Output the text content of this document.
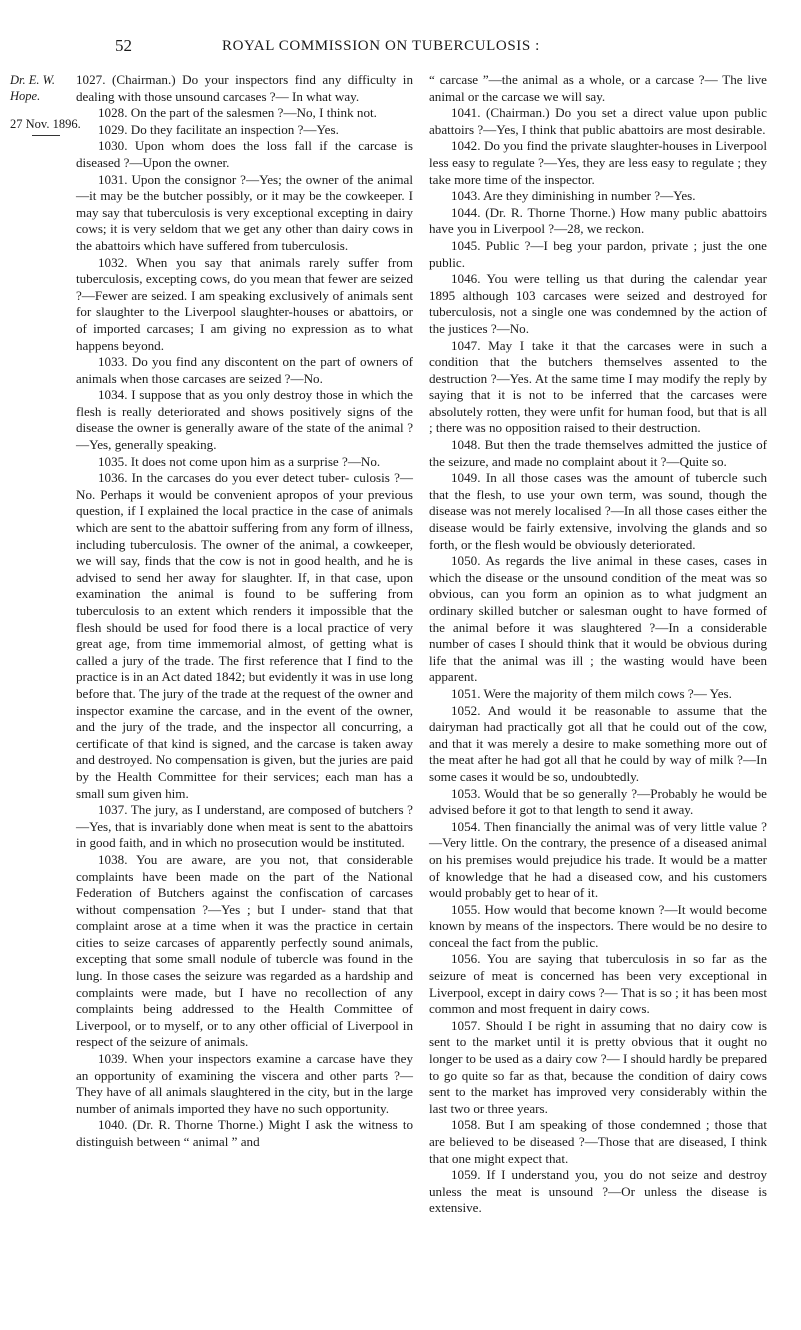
52	ROYAL COMMISSION ON TUBERCULOSIS :
Dr. E. W. Hope.
27 Nov. 1896.

1027. (Chairman.) Do your inspectors find any difficulty in dealing with those unsound carcases ?— In what way.

1028. On the part of the salesmen ?—No, I think not.

1029. Do they facilitate an inspection ?—Yes.

1030. Upon whom does the loss fall if the carcase is diseased ?—Upon the owner.

1031. Upon the consignor ?—Yes; the owner of the animal—it may be the butcher possibly, or it may be the cowkeeper. I may say that tuberculosis is very exceptional excepting in dairy cows; it is very seldom that we get any other than dairy cows in the abattoirs which have suffered from tuberculosis.

1032. When you say that animals rarely suffer from tuberculosis, excepting cows, do you mean that fewer are seized ?—Fewer are seized. I am speaking exclusively of animals sent for slaughter to the Liverpool slaughter-houses or abattoirs, or of imported carcases; I am giving no expression as to what happens beyond.

1033. Do you find any discontent on the part of owners of animals when those carcases are seized ?—No.

1034. I suppose that as you only destroy those in which the flesh is really deteriorated and shows positively signs of the disease the owner is generally aware of the state of the animal ?—Yes, generally speaking.

1035. It does not come upon him as a surprise ?—No.

1036. In the carcases do you ever detect tuber- culosis ?—No. Perhaps it would be convenient apropos of your previous question, if I explained the local practice in the case of animals which are sent to the abattoir suffering from any form of illness, including tuberculosis. The owner of the animal, a cowkeeper, we will say, finds that the cow is not in good health, and he is advised to send her away for slaughter. If, in that case, upon examination the animal is found to be suffering from tuberculosis to an extent which renders it impossible that the flesh should be used for food there is a local practice of very great age, from time immemorial almost, of getting what is called a jury of the trade. The first reference that I find to the practice is in an Act dated 1842; but evidently it was in use long before that. The jury of the trade at the request of the owner and inspector examine the carcase, and in the event of the owner, and the jury of the trade, and the inspector all concurring, a certificate of that kind is signed, and the carcase is taken away and destroyed. No compensation is given, but the juries are paid by the Health Committee for their services; each man has a small sum given him.

1037. The jury, as I understand, are composed of butchers ?—Yes, that is invariably done when meat is sent to the abattoirs in good faith, and in which no prosecution would be instituted.

1038. You are aware, are you not, that considerable complaints have been made on the part of the National Federation of Butchers against the confiscation of carcases without compensation ?—Yes ; but I under- stand that that complaint arose at a time when it was the practice in certain cities to seize carcases of apparently perfectly sound animals, excepting that some small nodule of tubercle was found in the lung. In those cases the seizure was regarded as a hardship and complaints were made, but I have no recollection of any complaints being addressed to the Health Committee of Liverpool, or to myself, or to any other official of Liverpool in respect of the seizure of animals.

1039. When your inspectors examine a carcase have they an opportunity of examining the viscera and other parts ?—They have of all animals slaughtered in the city, but in the large number of animals imported they have no such opportunity.

1040. (Dr. R. Thorne Thorne.) Might I ask the witness to distinguish between “ animal ” and

“ carcase ”—the animal as a whole, or a carcase ?— The live animal or the carcase we will say.

1041. (Chairman.) Do you set a direct value upon public abattoirs ?—Yes, I think that public abattoirs are most desirable.

1042. Do you find the private slaughter-houses in Liverpool less easy to regulate ?—Yes, they are less easy to regulate ; they take more time of the inspector.

1043. Are they diminishing in number ?—Yes.

1044. (Dr. R. Thorne Thorne.) How many public abattoirs have you in Liverpool ?—28, we reckon.

1045. Public ?—I beg your pardon, private ; just the one public.

1046. You were telling us that during the calendar year 1895 although 103 carcases were seized and destroyed for tuberculosis, not a single one was condemned by the action of the justices ?—No.

1047. May I take it that the carcases were in such a condition that the butchers themselves assented to the destruction ?—Yes. At the same time I may modify the reply by saying that it is not to be inferred that the carcases were absolutely rotten, they were unfit for human food, but that is all ; there was no opposition raised to their destruction.

1048. But then the trade themselves admitted the justice of the seizure, and made no complaint about it ?—Quite so.

1049. In all those cases was the amount of tubercle such that the flesh, to use your own term, was sound, though the disease was not merely localised ?—In all those cases either the disease would be fairly extensive, involving the glands and so forth, or the flesh would be obviously deteriorated.

1050. As regards the live animal in these cases, cases in which the disease or the unsound condition of the meat was so obvious, can you form an opinion as to what judgment an ordinary skilled butcher or salesman ought to have formed of the animal before it was slaughtered ?—In a considerable number of cases I should think that it would be obvious during life that the animal was ill ; the wasting would have been apparent.

1051. Were the majority of them milch cows ?— Yes.

1052. And would it be reasonable to assume that the dairyman had practically got all that he could out of the cow, and that it was merely a desire to make something more out of the meat after he had got all that he could by way of milk ?—In some cases it would be so, undoubtedly.

1053. Would that be so generally ?—Probably he would be advised before it got to that length to send it away.

1054. Then financially the animal was of very little value ?—Very little. On the contrary, the presence of a diseased animal on his premises would prejudice his trade. It would be a matter of knowledge that he had a diseased cow, and his customers would probably get to hear of it.

1055. How would that become known ?—It would become known by means of the inspectors. There would be no desire to conceal the fact from the public.

1056. You are saying that tuberculosis in so far as the seizure of meat is concerned has been very exceptional in Liverpool, except in dairy cows ?— That is so ; it has been most common and most frequent in dairy cows.

1057. Should I be right in assuming that no dairy cow is sent to the market until it is pretty obvious that it ought no longer to be used as a dairy cow ?— I should hardly be prepared to go quite so far as that, because the condition of dairy cows sent to the market has improved very considerably within the last two or three years.

1058. But I am speaking of those condemned ; those that are believed to be diseased ?—Those that are diseased, I think that one might expect that.

1059. If I understand you, you do not seize and destroy unless the meat is unsound ?—Or unless the disease is extensive.
